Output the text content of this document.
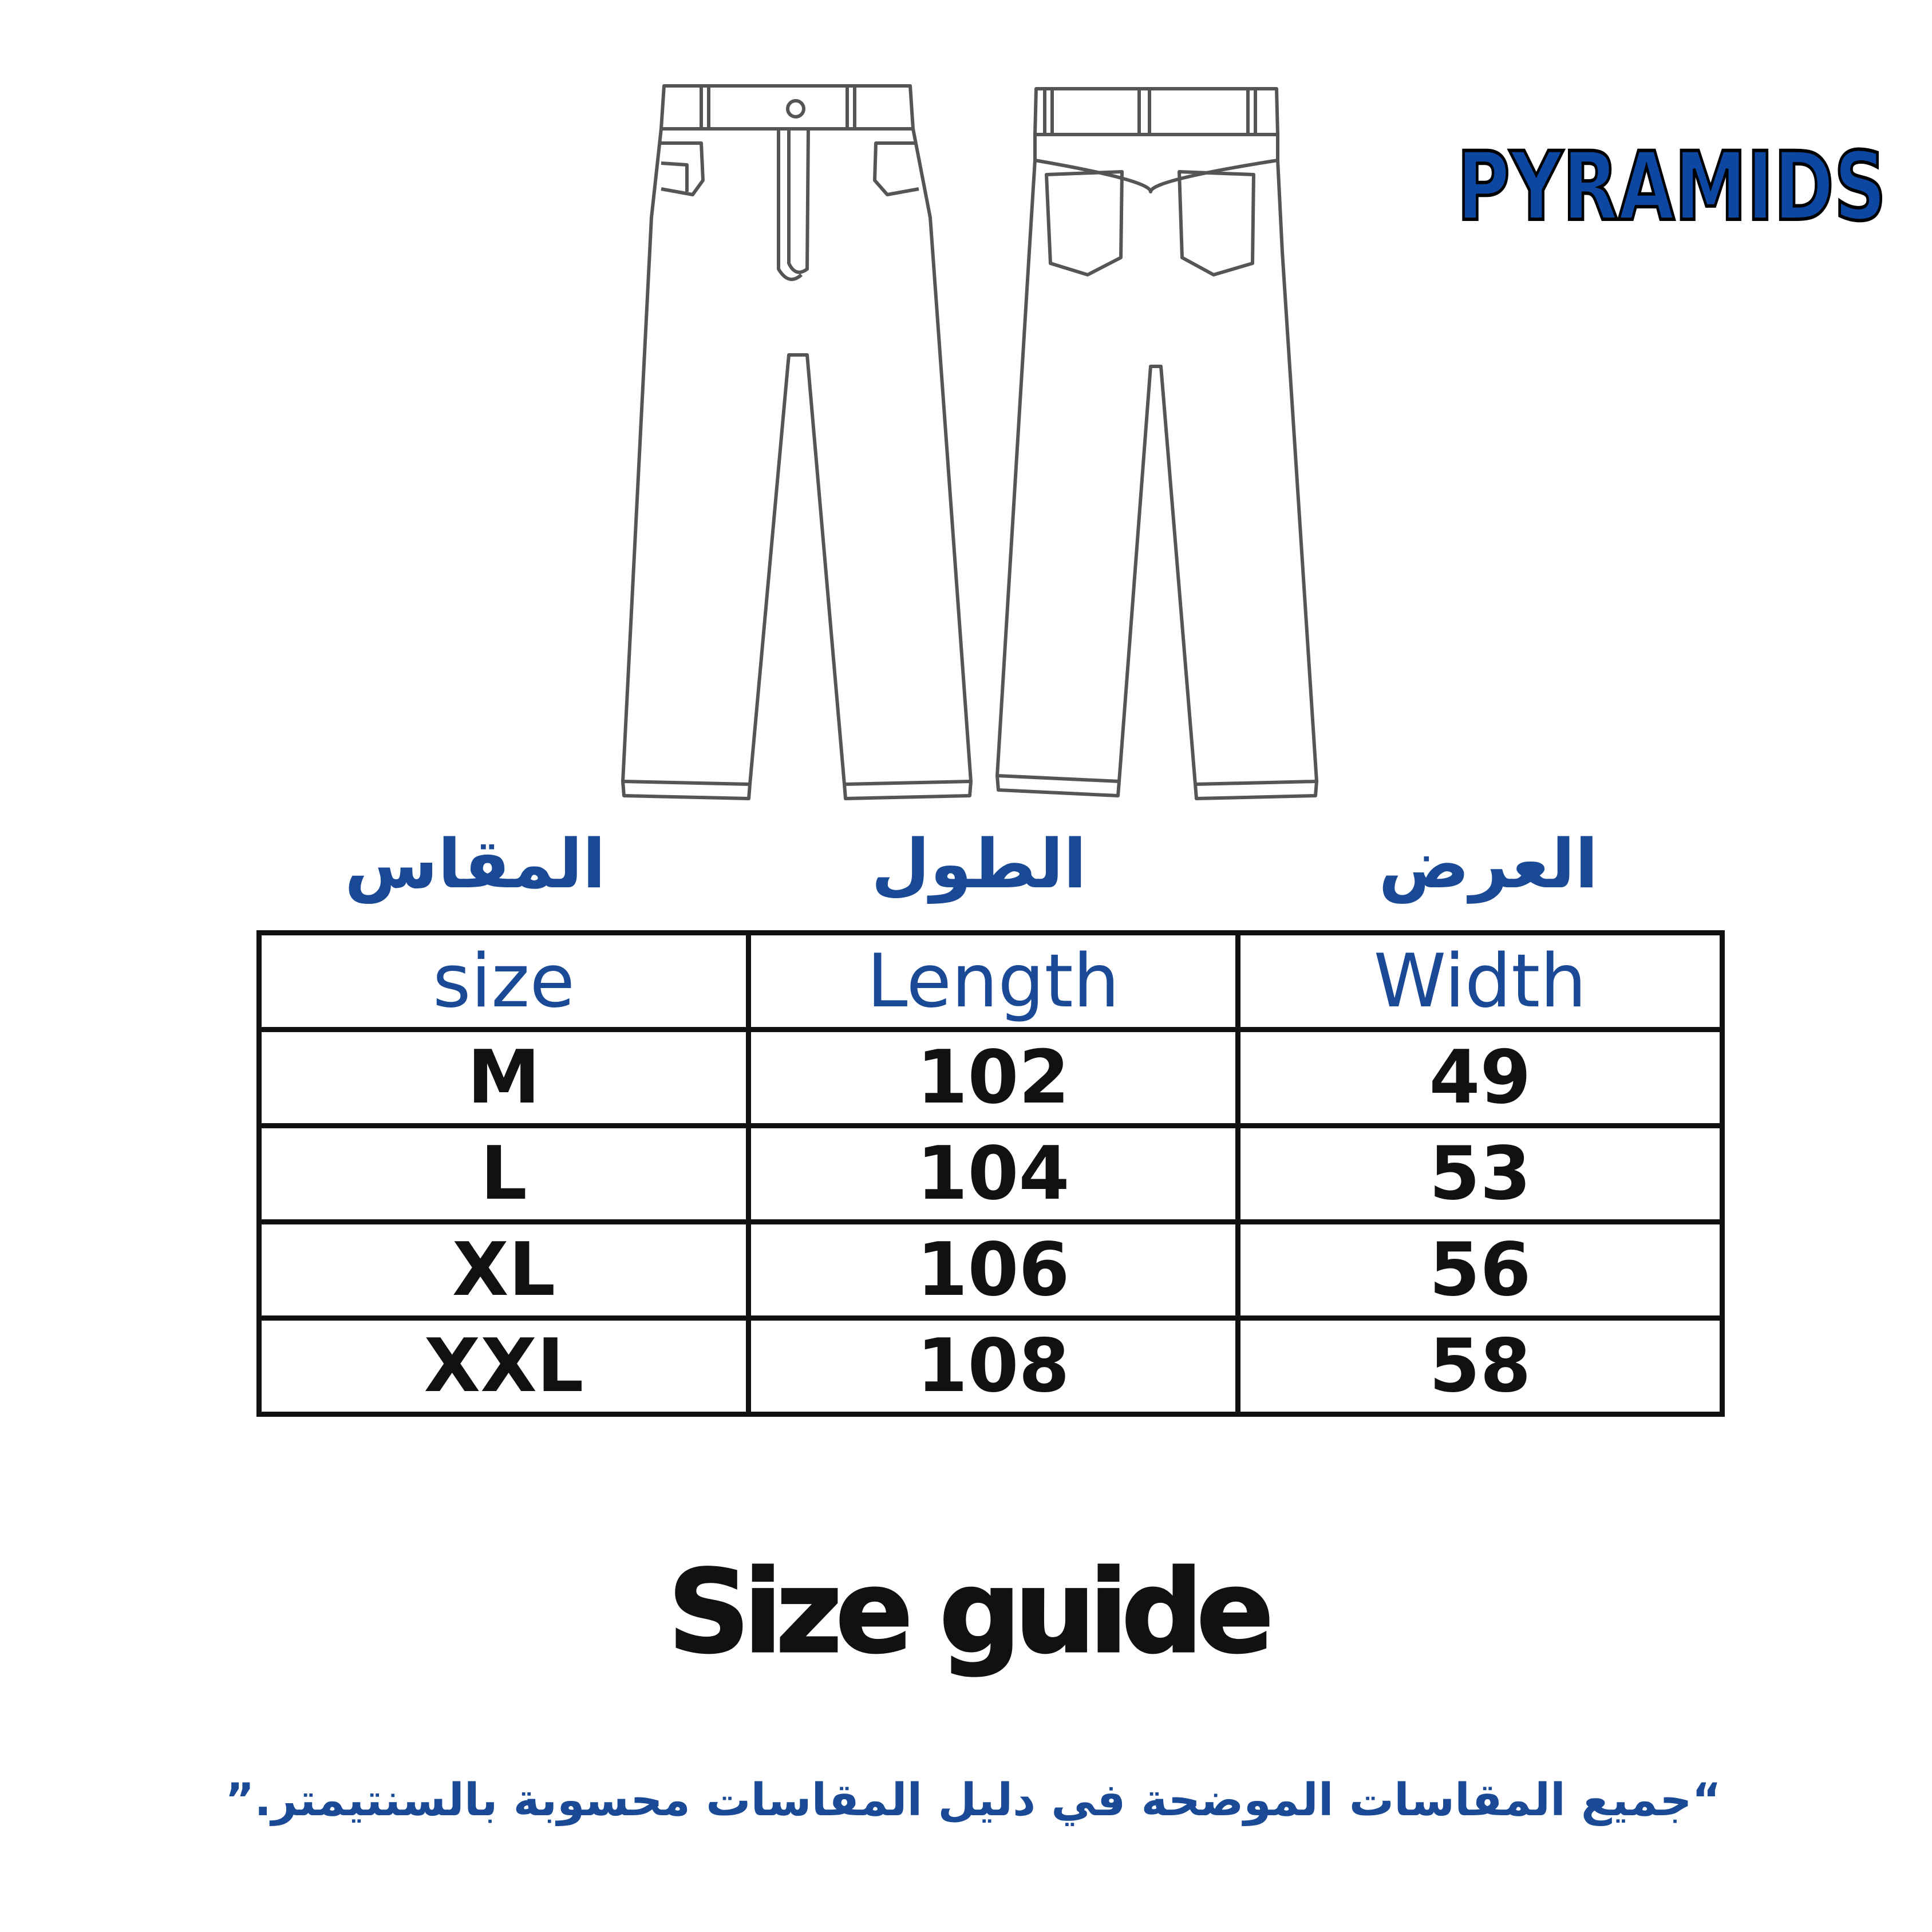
PYRAMIDS
المقاس	الطول	العرض
size	Length	Width
M	102	49
L	104	53
XL	106	56
XXL	108	58
Size guide
“جميع المقاسات الموضحة في دليل المقاسات محسوبة بالسنتيمتر.”
